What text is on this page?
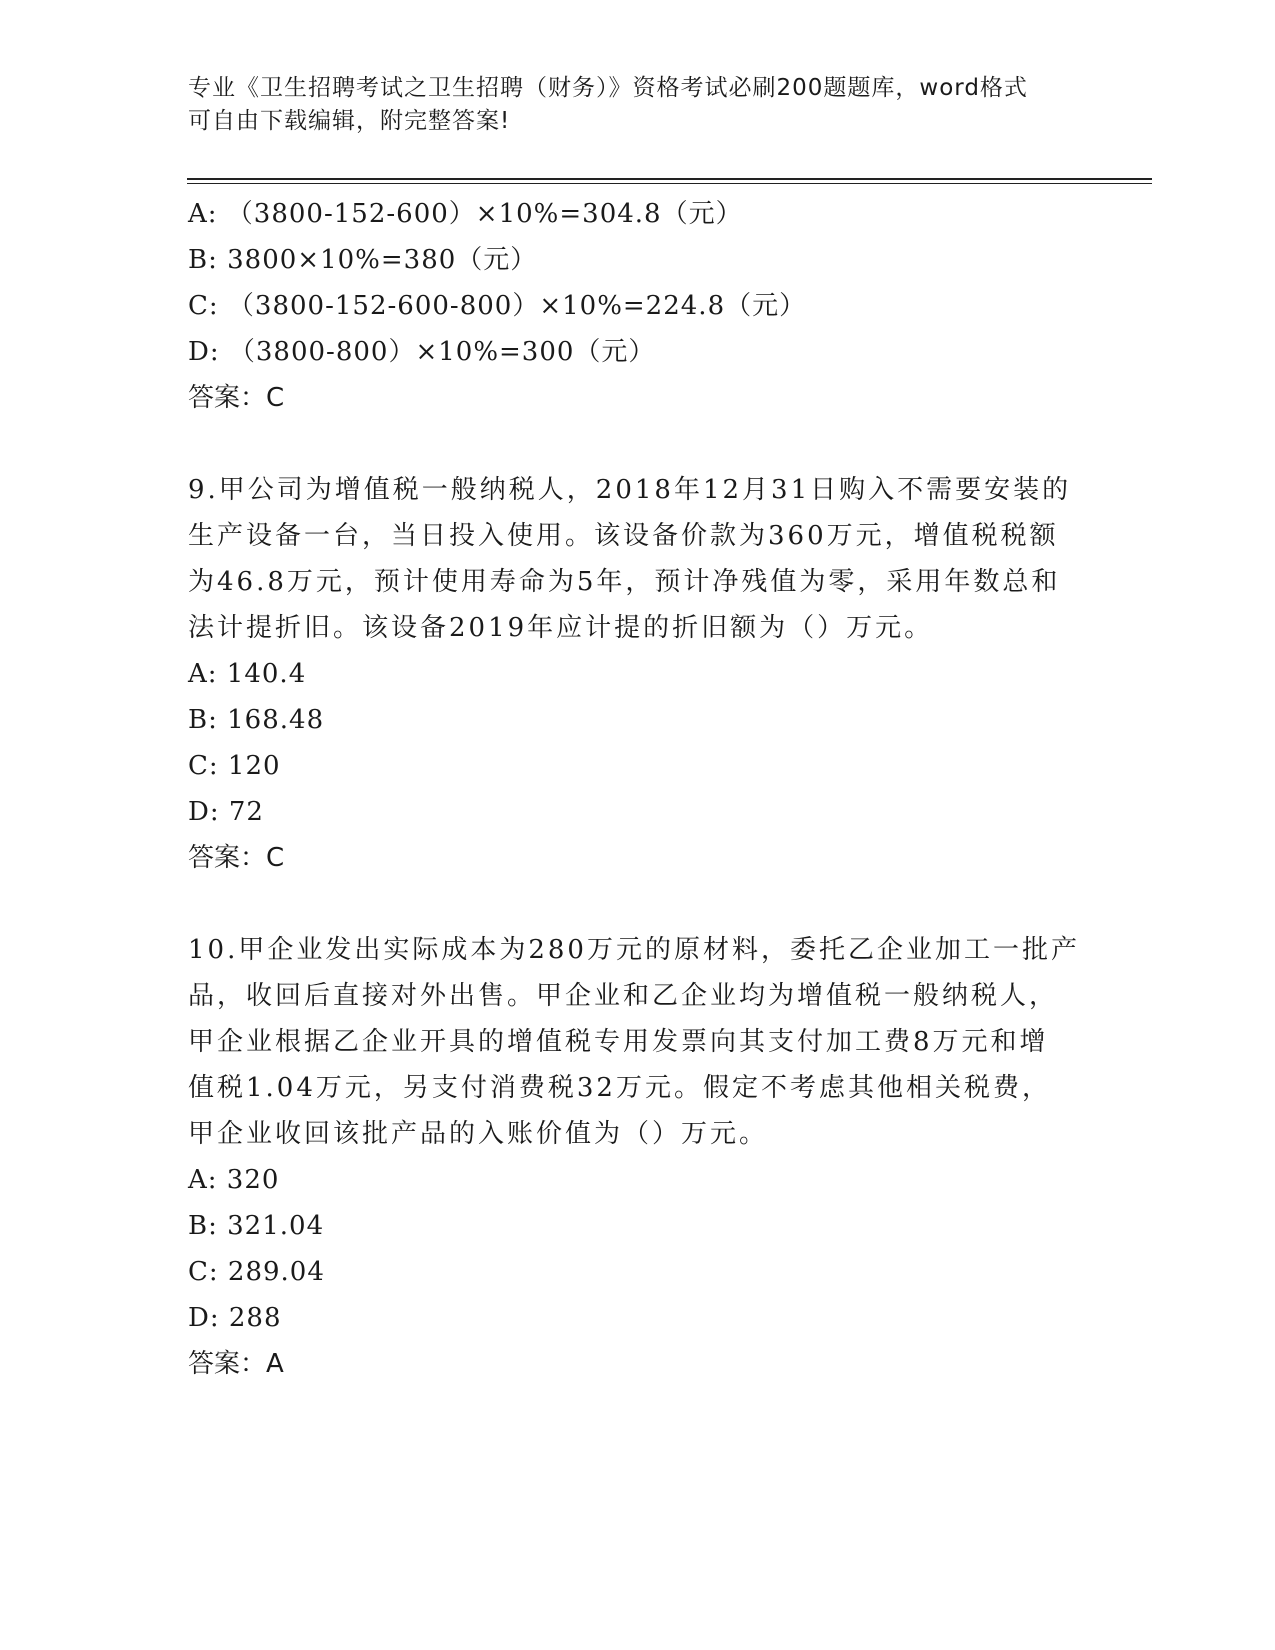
专业《卫生招聘考试之卫生招聘（财务）》资格考试必刷200题题库，word格式
可自由下载编辑，附完整答案!
A: （3800-152-600）×10%=304.8（元）
B: 3800×10%=380（元）
C: （3800-152-600-800）×10%=224.8（元）
D: （3800-800）×10%=300（元）
答案：C
9.甲公司为增值税一般纳税人，2018年12月31日购入不需要安装的
生产设备一台，当日投入使用。该设备价款为360万元，增值税税额
为46.8万元，预计使用寿命为5年，预计净残值为零，采用年数总和
法计提折旧。该设备2019年应计提的折旧额为（）万元。
A: 140.4
B: 168.48
C: 120
D: 72
答案：C
10.甲企业发出实际成本为280万元的原材料，委托乙企业加工一批产
品，收回后直接对外出售。甲企业和乙企业均为增值税一般纳税人，
甲企业根据乙企业开具的增值税专用发票向其支付加工费8万元和增
值税1.04万元，另支付消费税32万元。假定不考虑其他相关税费，
甲企业收回该批产品的入账价值为（）万元。
A: 320
B: 321.04
C: 289.04
D: 288
答案：A
